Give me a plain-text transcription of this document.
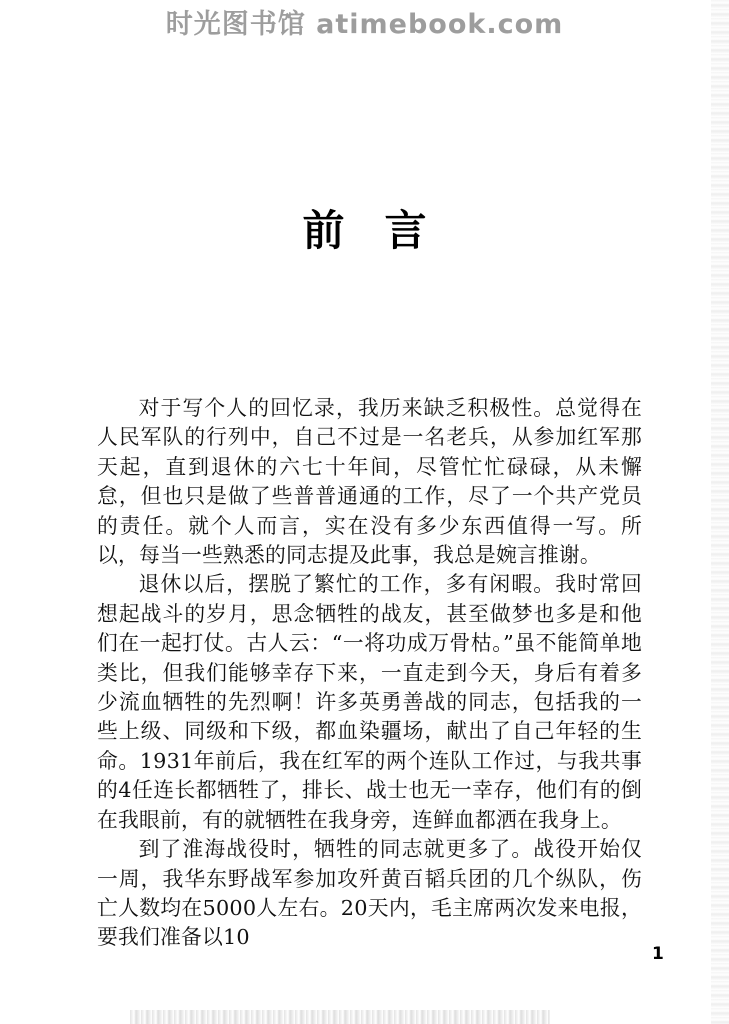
时光图书馆 atimebook.com
前言

对于写个人的回忆录，我历来缺乏积极性。总觉得在人民军队的行列中，自己不过是一名老兵，从参加红军那天起，直到退休的六七十年间，尽管忙忙碌碌，从未懈怠，但也只是做了些普普通通的工作，尽了一个共产党员的责任。就个人而言，实在没有多少东西值得一写。所以，每当一些熟悉的同志提及此事，我总是婉言推谢。

退休以后，摆脱了繁忙的工作，多有闲暇。我时常回想起战斗的岁月，思念牺牲的战友，甚至做梦也多是和他们在一起打仗。古人云：“一将功成万骨枯。”虽不能简单地类比，但我们能够幸存下来，一直走到今天，身后有着多少流血牺牲的先烈啊！许多英勇善战的同志，包括我的一些上级、同级和下级，都血染疆场，献出了自己年轻的生命。1931年前后，我在红军的两个连队工作过，与我共事的4任连长都牺牲了，排长、战士也无一幸存，他们有的倒在我眼前，有的就牺牲在我身旁，连鲜血都洒在我身上。

到了淮海战役时，牺牲的同志就更多了。战役开始仅一周，我华东野战军参加攻歼黄百韬兵团的几个纵队，伤亡人数均在5000人左右。20天内，毛主席两次发来电报，要我们准备以10

1
